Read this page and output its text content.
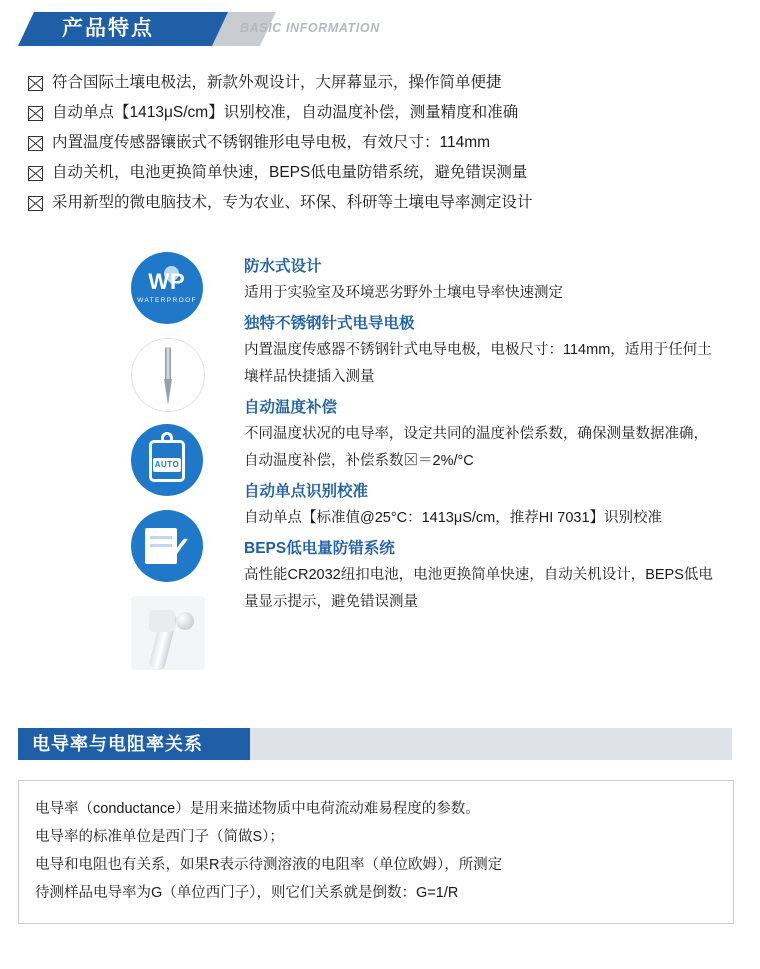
产品特点	BASIC INFORMATION
符合国际土壤电极法，新款外观设计，大屏幕显示，操作简单便捷
自动单点【1413μS/cm】识别校准，自动温度补偿，测量精度和准确
内置温度传感器镶嵌式不锈钢锥形电导电极，有效尺寸：114mm
自动关机，电池更换简单快速，BEPS低电量防错系统，避免错误测量
采用新型的微电脑技术，专为农业、环保、科研等土壤电导率测定设计
WP
WATERPROOF
AUTO
✓
防水式设计
适用于实验室及环境恶劣野外土壤电导率快速测定
独特不锈钢针式电导电极
内置温度传感器不锈钢针式电导电极，电极尺寸：114mm，适用于任何土壤样品快捷插入测量
自动温度补偿
不同温度状况的电导率，设定共同的温度补偿系数，确保测量数据准确，自动温度补偿，补偿系数⊠＝2%/°C
自动单点识别校准
自动单点【标准值@25°C：1413μS/cm，推荐HI 7031】识别校准
BEPS低电量防错系统
高性能CR2032纽扣电池，电池更换简单快速，自动关机设计，BEPS低电量显示提示，避免错误测量
电导率与电阻率关系
电导率（conductance）是用来描述物质中电荷流动难易程度的参数。
电导率的标准单位是西门子（简做S）；
电导和电阻也有关系，如果R表示待测溶液的电阻率（单位欧姆），所测定
待测样品电导率为G（单位西门子），则它们关系就是倒数：G=1/R
